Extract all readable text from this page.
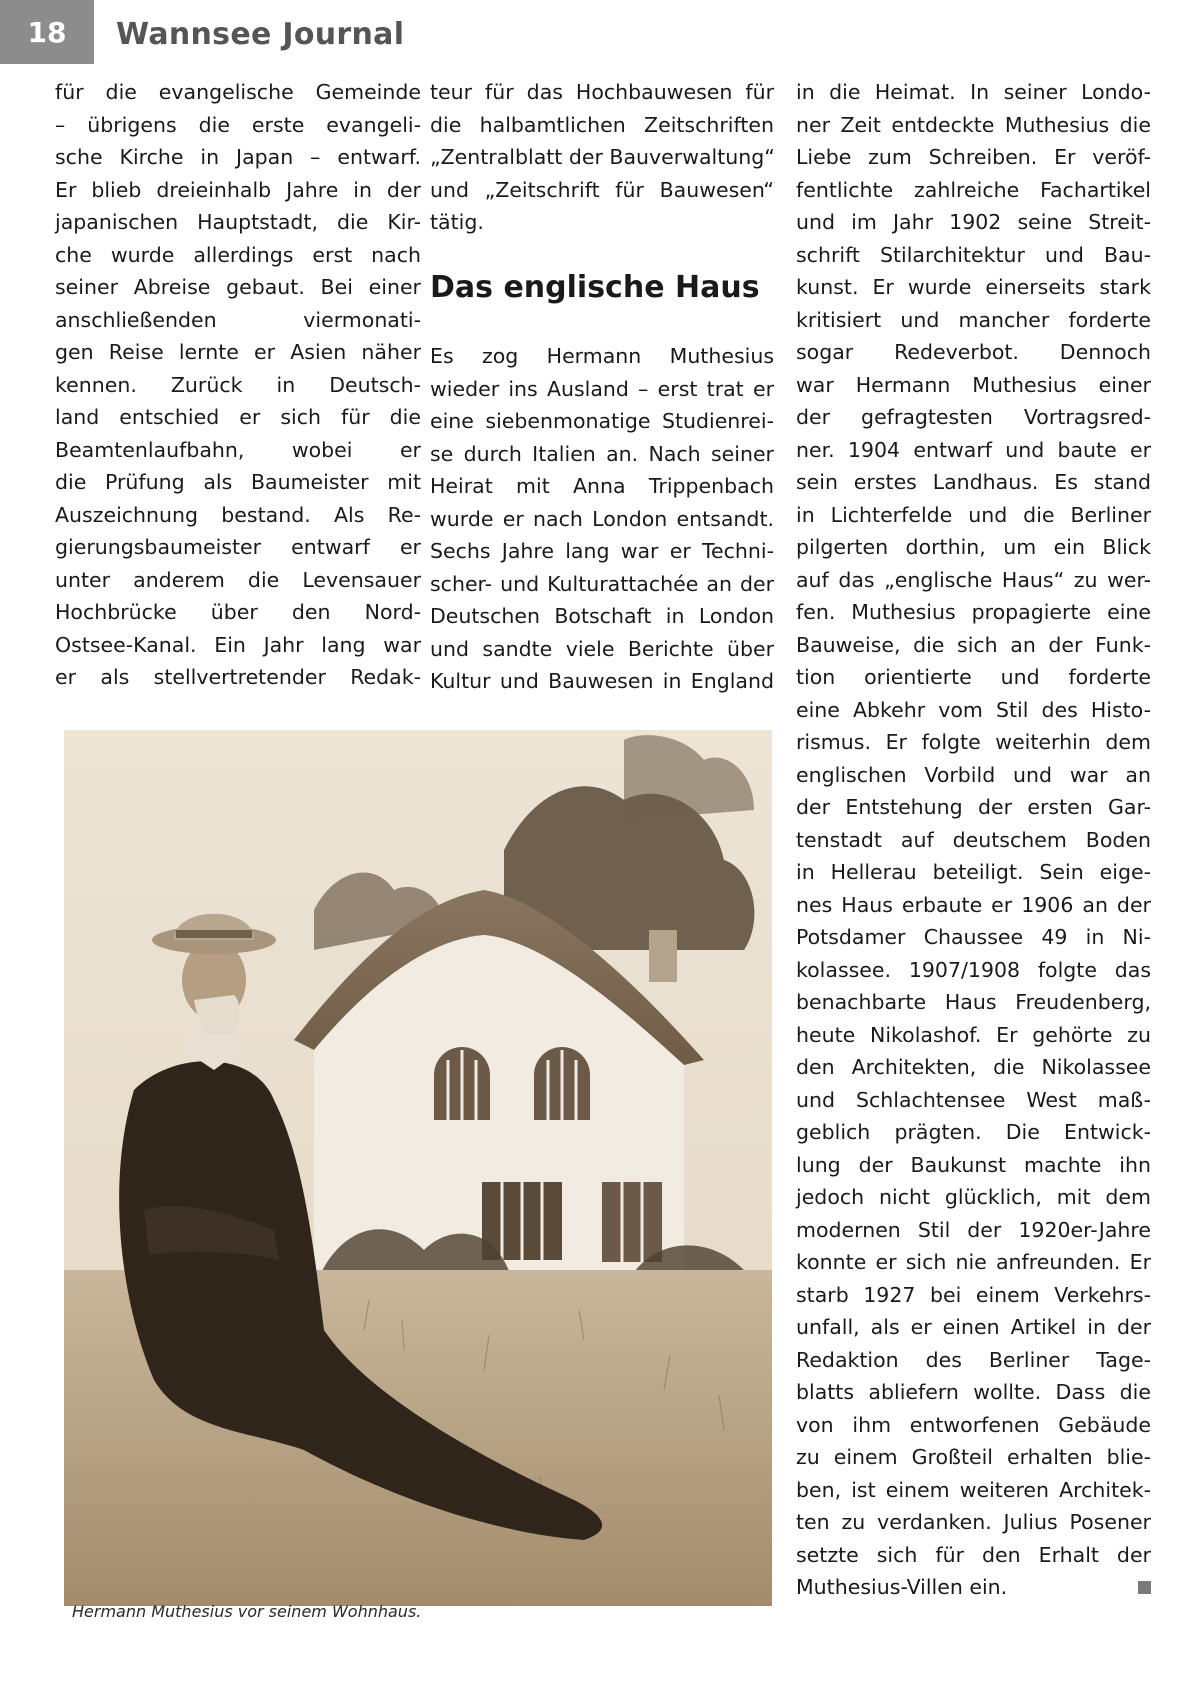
18	Wannsee Journal
für die evangelische Gemeinde
– übrigens die erste evangeli-
sche Kirche in Japan – entwarf.
Er blieb dreieinhalb Jahre in der
japanischen Hauptstadt, die Kir-
che wurde allerdings erst nach
seiner Abreise gebaut. Bei einer
anschließenden viermonati-
gen Reise lernte er Asien näher
kennen. Zurück in Deutsch-
land entschied er sich für die
Beamtenlaufbahn, wobei er
die Prüfung als Baumeister mit
Auszeichnung bestand. Als Re-
gierungsbaumeister entwarf er
unter anderem die Levensauer
Hochbrücke über den Nord-
Ostsee-Kanal. Ein Jahr lang war
er als stellvertretender Redak-
teur für das Hochbauwesen für
die halbamtlichen Zeitschriften
„Zentralblatt der Bauverwaltung“
und „Zeitschrift für Bauwesen“
tätig.
Das englische Haus
Es zog Hermann Muthesius
wieder ins Ausland – erst trat er
eine siebenmonatige Studienrei-
se durch Italien an. Nach seiner
Heirat mit Anna Trippenbach
wurde er nach London entsandt.
Sechs Jahre lang war er Techni-
scher- und Kulturattachée an der
Deutschen Botschaft in London
und sandte viele Berichte über
Kultur und Bauwesen in England
in die Heimat. In seiner Londo-
ner Zeit entdeckte Muthesius die
Liebe zum Schreiben. Er veröf-
fentlichte zahlreiche Fachartikel
und im Jahr 1902 seine Streit-
schrift Stilarchitektur und Bau-
kunst. Er wurde einerseits stark
kritisiert und mancher forderte
sogar Redeverbot. Dennoch
war Hermann Muthesius einer
der gefragtesten Vortragsred-
ner. 1904 entwarf und baute er
sein erstes Landhaus. Es stand
in Lichterfelde und die Berliner
pilgerten dorthin, um ein Blick
auf das „englische Haus“ zu wer-
fen. Muthesius propagierte eine
Bauweise, die sich an der Funk-
tion orientierte und forderte
eine Abkehr vom Stil des Histo-
rismus. Er folgte weiterhin dem
englischen Vorbild und war an
der Entstehung der ersten Gar-
tenstadt auf deutschem Boden
in Hellerau beteiligt. Sein eige-
nes Haus erbaute er 1906 an der
Potsdamer Chaussee 49 in Ni-
kolassee. 1907/1908 folgte das
benachbarte Haus Freudenberg,
heute Nikolashof. Er gehörte zu
den Architekten, die Nikolassee
und Schlachtensee West maß-
geblich prägten. Die Entwick-
lung der Baukunst machte ihn
jedoch nicht glücklich, mit dem
modernen Stil der 1920er-Jahre
konnte er sich nie anfreunden. Er
starb 1927 bei einem Verkehrs-
unfall, als er einen Artikel in der
Redaktion des Berliner Tage-
blatts abliefern wollte. Dass die
von ihm entworfenen Gebäude
zu einem Großteil erhalten blie-
ben, ist einem weiteren Architek-
ten zu verdanken. Julius Posener
setzte sich für den Erhalt der
Muthesius-Villen ein.
Hermann Muthesius vor seinem Wohnhaus.
